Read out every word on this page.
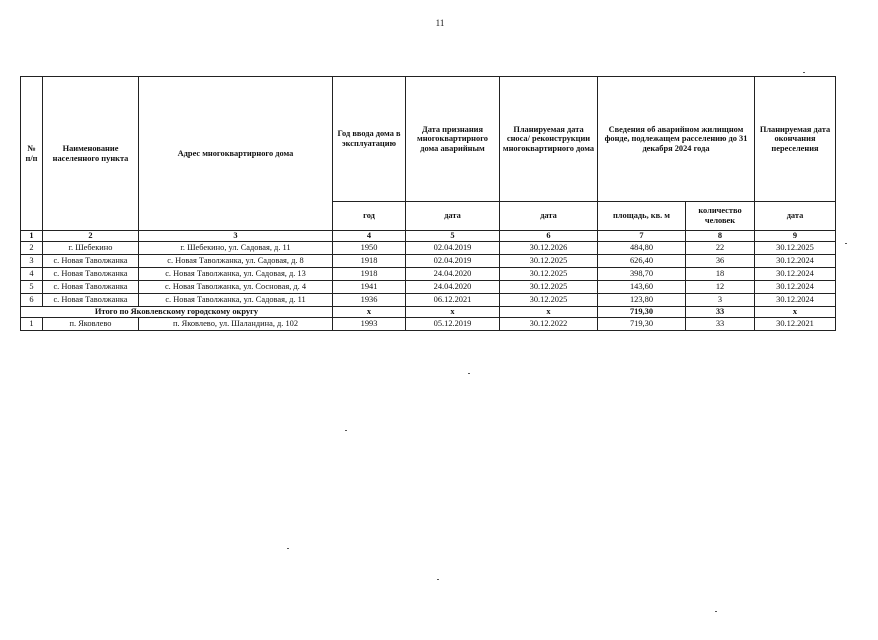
11
№ п/п	Наименование населенного пункта	Адрес многоквартирного дома	Год ввода дома в эксплуатацию	Дата признания многоквартирного дома аварийным	Планируемая дата сноса/ реконструкции многоквартирного дома	Сведения об аварийном жилищном фонде, подлежащем расселению до 31 декабря 2024 года		Планируемая дата окончания переселения
			год	дата	дата	площадь, кв. м	количество человек	дата
1	2	3	4	5	6	7	8	9
2	г. Шебекино	г. Шебекино, ул. Садовая, д. 11	1950	02.04.2019	30.12.2026	484,80	22	30.12.2025
3	с. Новая Таволжанка	с. Новая Таволжанка, ул. Садовая, д. 8	1918	02.04.2019	30.12.2025	626,40	36	30.12.2024
4	с. Новая Таволжанка	с. Новая Таволжанка, ул. Садовая, д. 13	1918	24.04.2020	30.12.2025	398,70	18	30.12.2024
5	с. Новая Таволжанка	с. Новая Таволжанка, ул. Сосновая, д. 4	1941	24.04.2020	30.12.2025	143,60	12	30.12.2024
6	с. Новая Таволжанка	с. Новая Таволжанка, ул. Садовая, д. 11	1936	06.12.2021	30.12.2025	123,80	3	30.12.2024
Итого по Яковлевскому городскому округу			х	х	х	719,30	33	х
1	п. Яковлево	п. Яковлево, ул. Шаландина, д. 102	1993	05.12.2019	30.12.2022	719,30	33	30.12.2021
